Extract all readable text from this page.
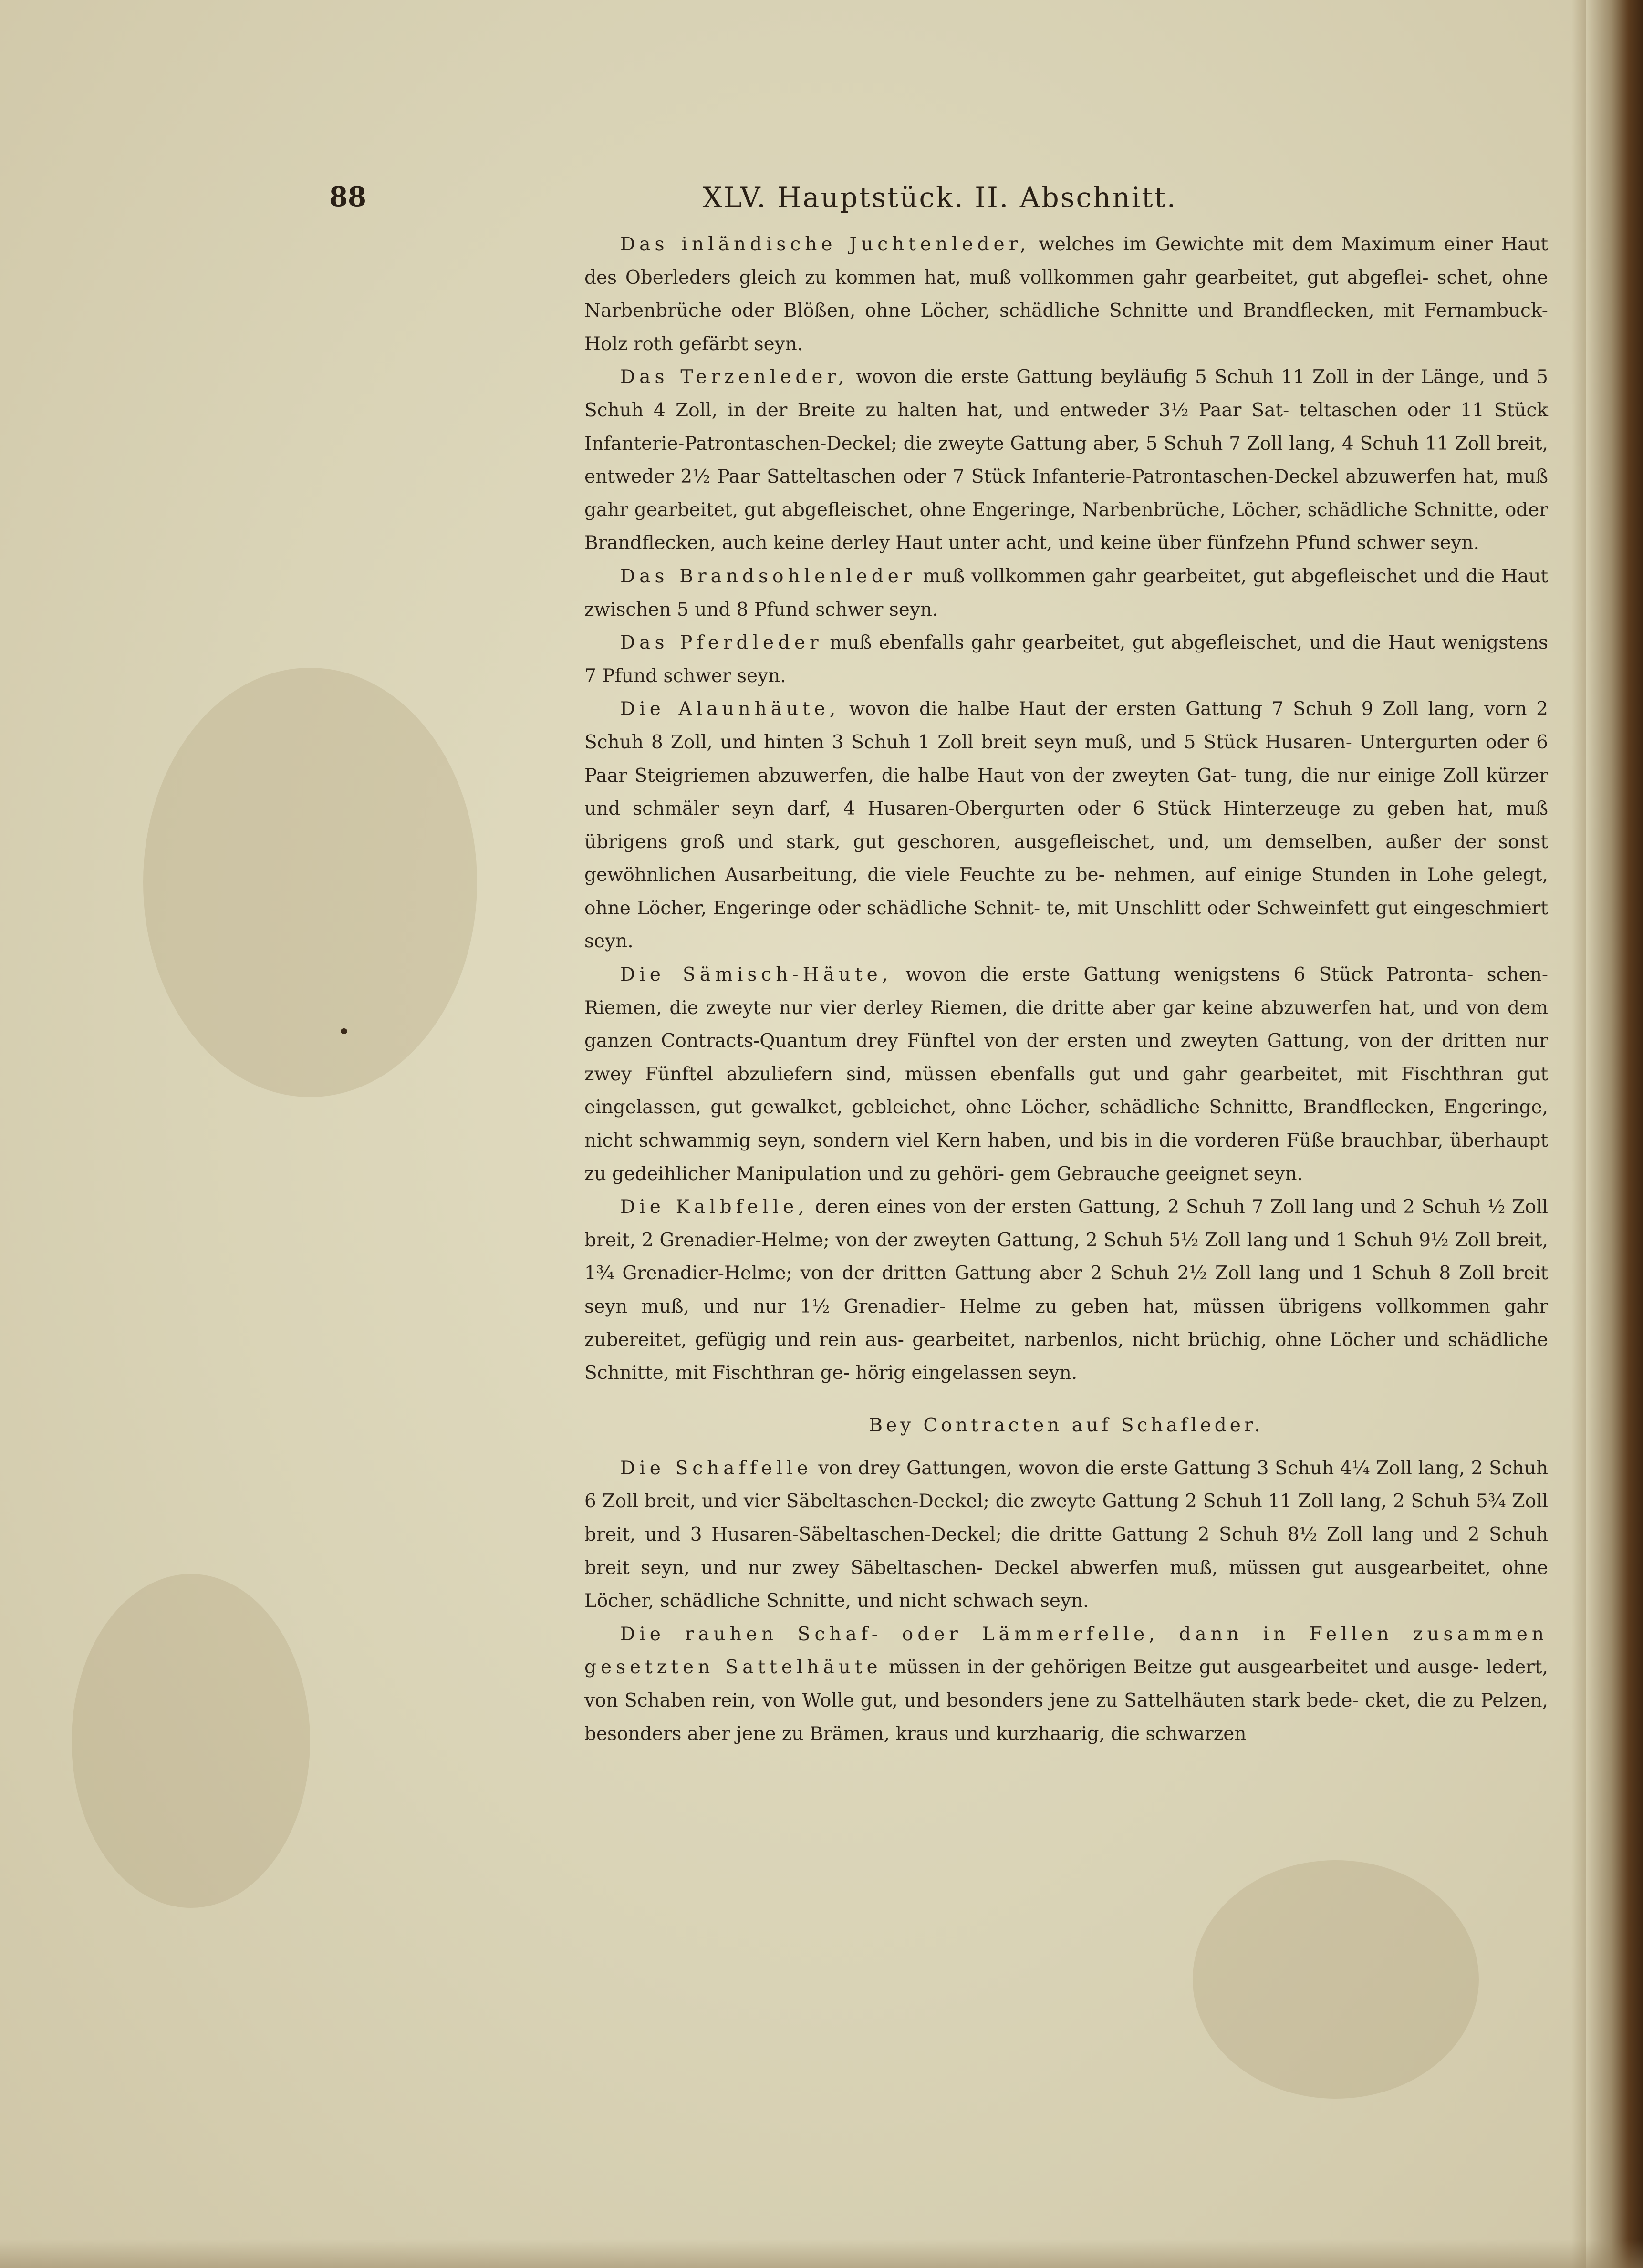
88	XLV. Hauptstück. II. Abschnitt.

Das inländische Juchtenleder, welches im Gewichte mit dem Maximum einer Haut des Oberleders gleich zu kommen hat, muß vollkommen gahr gearbeitet, gut abgeflei- schet, ohne Narbenbrüche oder Blößen, ohne Löcher, schädliche Schnitte und Brandflecken, mit Fernambuck-Holz roth gefärbt seyn.

Das Terzenleder, wovon die erste Gattung beyläufig 5 Schuh 11 Zoll in der Länge, und 5 Schuh 4 Zoll, in der Breite zu halten hat, und entweder 3½ Paar Sat- teltaschen oder 11 Stück Infanterie-Patrontaschen-Deckel; die zweyte Gattung aber, 5 Schuh 7 Zoll lang, 4 Schuh 11 Zoll breit, entweder 2½ Paar Satteltaschen oder 7 Stück Infanterie-Patrontaschen-Deckel abzuwerfen hat, muß gahr gearbeitet, gut abgefleischet, ohne Engeringe, Narbenbrüche, Löcher, schädliche Schnitte, oder Brandflecken, auch keine derley Haut unter acht, und keine über fünfzehn Pfund schwer seyn.

Das Brandsohlenleder muß vollkommen gahr gearbeitet, gut abgefleischet und die Haut zwischen 5 und 8 Pfund schwer seyn.

Das Pferdleder muß ebenfalls gahr gearbeitet, gut abgefleischet, und die Haut wenigstens 7 Pfund schwer seyn.

Die Alaunhäute, wovon die halbe Haut der ersten Gattung 7 Schuh 9 Zoll lang, vorn 2 Schuh 8 Zoll, und hinten 3 Schuh 1 Zoll breit seyn muß, und 5 Stück Husaren- Untergurten oder 6 Paar Steigriemen abzuwerfen, die halbe Haut von der zweyten Gat- tung, die nur einige Zoll kürzer und schmäler seyn darf, 4 Husaren-Obergurten oder 6 Stück Hinterzeuge zu geben hat, muß übrigens groß und stark, gut geschoren, ausgefleischet, und, um demselben, außer der sonst gewöhnlichen Ausarbeitung, die viele Feuchte zu be- nehmen, auf einige Stunden in Lohe gelegt, ohne Löcher, Engeringe oder schädliche Schnit- te, mit Unschlitt oder Schweinfett gut eingeschmiert seyn.

Die Sämisch-Häute, wovon die erste Gattung wenigstens 6 Stück Patronta- schen-Riemen, die zweyte nur vier derley Riemen, die dritte aber gar keine abzuwerfen hat, und von dem ganzen Contracts-Quantum drey Fünftel von der ersten und zweyten Gattung, von der dritten nur zwey Fünftel abzuliefern sind, müssen ebenfalls gut und gahr gearbeitet, mit Fischthran gut eingelassen, gut gewalket, gebleichet, ohne Löcher, schädliche Schnitte, Brandflecken, Engeringe, nicht schwammig seyn, sondern viel Kern haben, und bis in die vorderen Füße brauchbar, überhaupt zu gedeihlicher Manipulation und zu gehöri- gem Gebrauche geeignet seyn.

Die Kalbfelle, deren eines von der ersten Gattung, 2 Schuh 7 Zoll lang und 2 Schuh ½ Zoll breit, 2 Grenadier-Helme; von der zweyten Gattung, 2 Schuh 5½ Zoll lang und 1 Schuh 9½ Zoll breit, 1¾ Grenadier-Helme; von der dritten Gattung aber 2 Schuh 2½ Zoll lang und 1 Schuh 8 Zoll breit seyn muß, und nur 1½ Grenadier- Helme zu geben hat, müssen übrigens vollkommen gahr zubereitet, gefügig und rein aus- gearbeitet, narbenlos, nicht brüchig, ohne Löcher und schädliche Schnitte, mit Fischthran ge- hörig eingelassen seyn.

Bey Contracten auf Schafleder.

Die Schaffelle von drey Gattungen, wovon die erste Gattung 3 Schuh 4¼ Zoll lang, 2 Schuh 6 Zoll breit, und vier Säbeltaschen-Deckel; die zweyte Gattung 2 Schuh 11 Zoll lang, 2 Schuh 5¾ Zoll breit, und 3 Husaren-Säbeltaschen-Deckel; die dritte Gattung 2 Schuh 8½ Zoll lang und 2 Schuh breit seyn, und nur zwey Säbeltaschen- Deckel abwerfen muß, müssen gut ausgearbeitet, ohne Löcher, schädliche Schnitte, und nicht schwach seyn.

Die rauhen Schaf- oder Lämmerfelle, dann in Fellen zusammen gesetzten Sattelhäute müssen in der gehörigen Beitze gut ausgearbeitet und ausge- ledert, von Schaben rein, von Wolle gut, und besonders jene zu Sattelhäuten stark bede- cket, die zu Pelzen, besonders aber jene zu Brämen, kraus und kurzhaarig, die schwarzen
